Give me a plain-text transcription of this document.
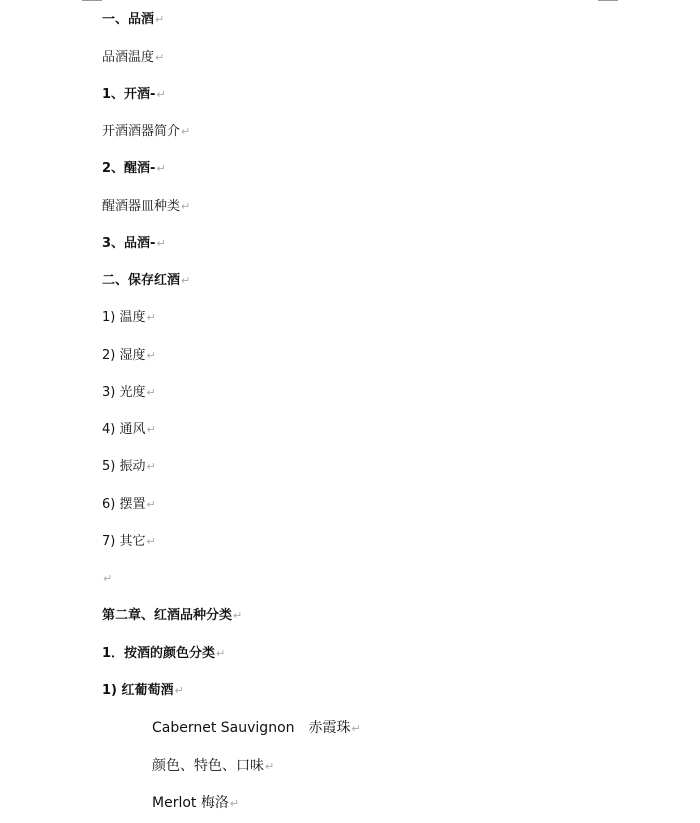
一、品酒↵
品酒温度↵
1、开酒-↵
开酒酒器简介↵
2、醒酒-↵
醒酒器皿种类↵
3、品酒-↵
二、保存红酒↵
1) 温度↵
2) 湿度↵
3) 光度↵
4) 通风↵
5) 振动↵
6) 摆置↵
7) 其它↵
↵
第二章、红酒品种分类↵
1．按酒的颜色分类↵
1) 红葡萄酒↵
Cabernet Sauvignon 赤霞珠↵
颜色、特色、口味↵
Merlot 梅洛↵
